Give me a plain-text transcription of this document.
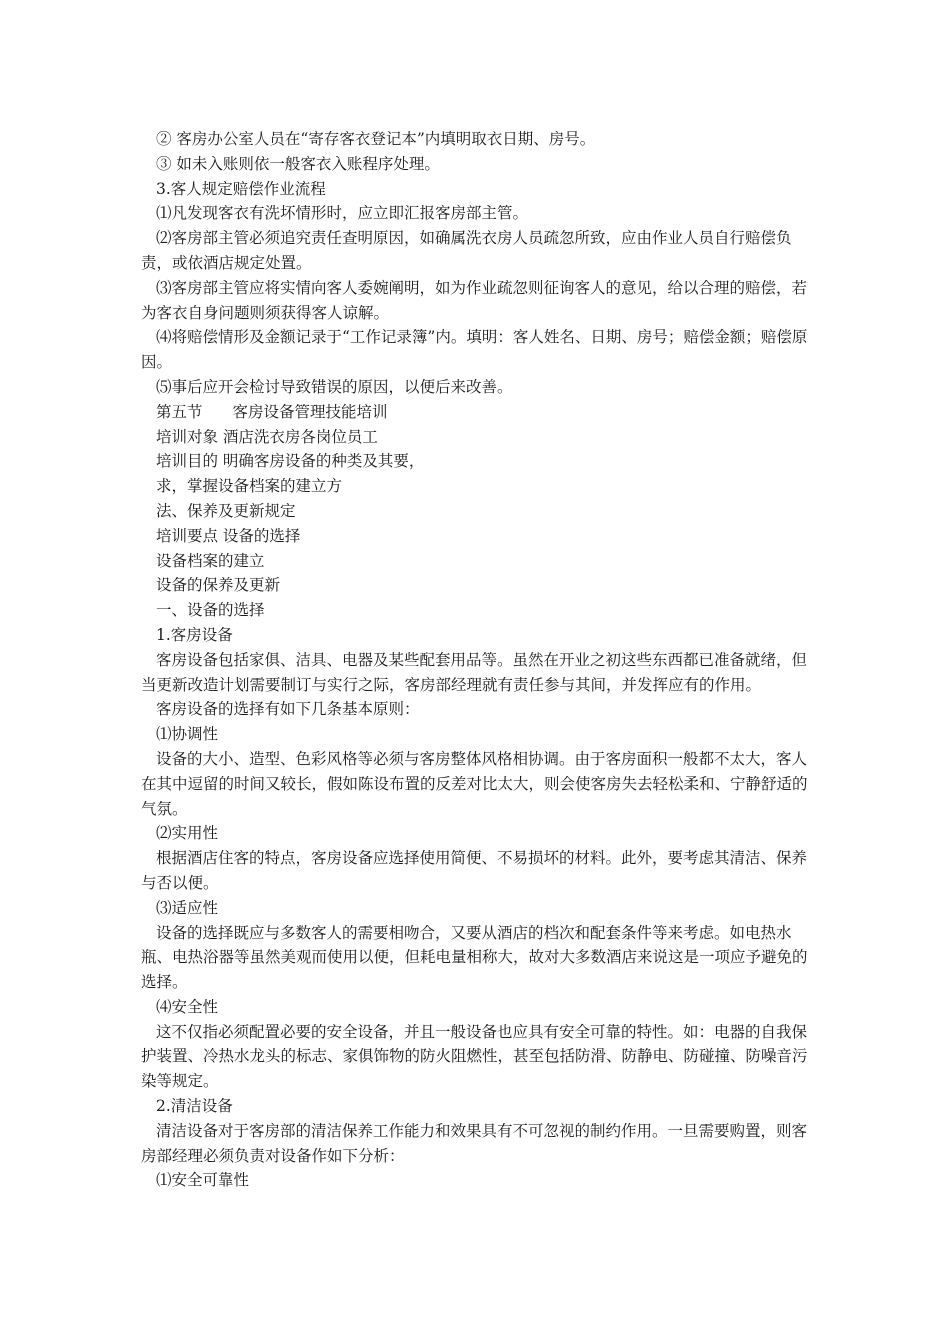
② 客房办公室人员在“寄存客衣登记本”内填明取衣日期、房号。

③ 如未入账则依一般客衣入账程序处理。

3.客人规定赔偿作业流程

⑴凡发现客衣有洗坏情形时，应立即汇报客房部主管。

⑵客房部主管必须追究责任查明原因，如确属洗衣房人员疏忽所致，应由作业人员自行赔偿负责，或依酒店规定处置。

⑶客房部主管应将实情向客人委婉阐明，如为作业疏忽则征询客人的意见，给以合理的赔偿，若为客衣自身问题则须获得客人谅解。

⑷将赔偿情形及金额记录于“工作记录簿”内。填明：客人姓名、日期、房号；赔偿金额；赔偿原因。

⑸事后应开会检讨导致错误的原因，以便后来改善。

第五节 客房设备管理技能培训

培训对象 酒店洗衣房各岗位员工

培训目的 明确客房设备的种类及其要，

求，掌握设备档案的建立方

法、保养及更新规定

培训要点 设备的选择

设备档案的建立

设备的保养及更新

一、设备的选择

1.客房设备

客房设备包括家俱、洁具、电器及某些配套用品等。虽然在开业之初这些东西都已准备就绪，但当更新改造计划需要制订与实行之际，客房部经理就有责任参与其间，并发挥应有的作用。

客房设备的选择有如下几条基本原则：

⑴协调性

设备的大小、造型、色彩风格等必须与客房整体风格相协调。由于客房面积一般都不太大，客人在其中逗留的时间又较长，假如陈设布置的反差对比太大，则会使客房失去轻松柔和、宁静舒适的气氛。

⑵实用性

根据酒店住客的特点，客房设备应选择使用简便、不易损坏的材料。此外，要考虑其清洁、保养与否以便。

⑶适应性

设备的选择既应与多数客人的需要相吻合，又要从酒店的档次和配套条件等来考虑。如电热水瓶、电热浴器等虽然美观而使用以便，但耗电量相称大，故对大多数酒店来说这是一项应予避免的选择。

⑷安全性

这不仅指必须配置必要的安全设备，并且一般设备也应具有安全可靠的特性。如：电器的自我保护装置、冷热水龙头的标志、家俱饰物的防火阻燃性，甚至包括防滑、防静电、防碰撞、防噪音污染等规定。

2.清洁设备

清洁设备对于客房部的清洁保养工作能力和效果具有不可忽视的制约作用。一旦需要购置，则客房部经理必须负责对设备作如下分析：

⑴安全可靠性
